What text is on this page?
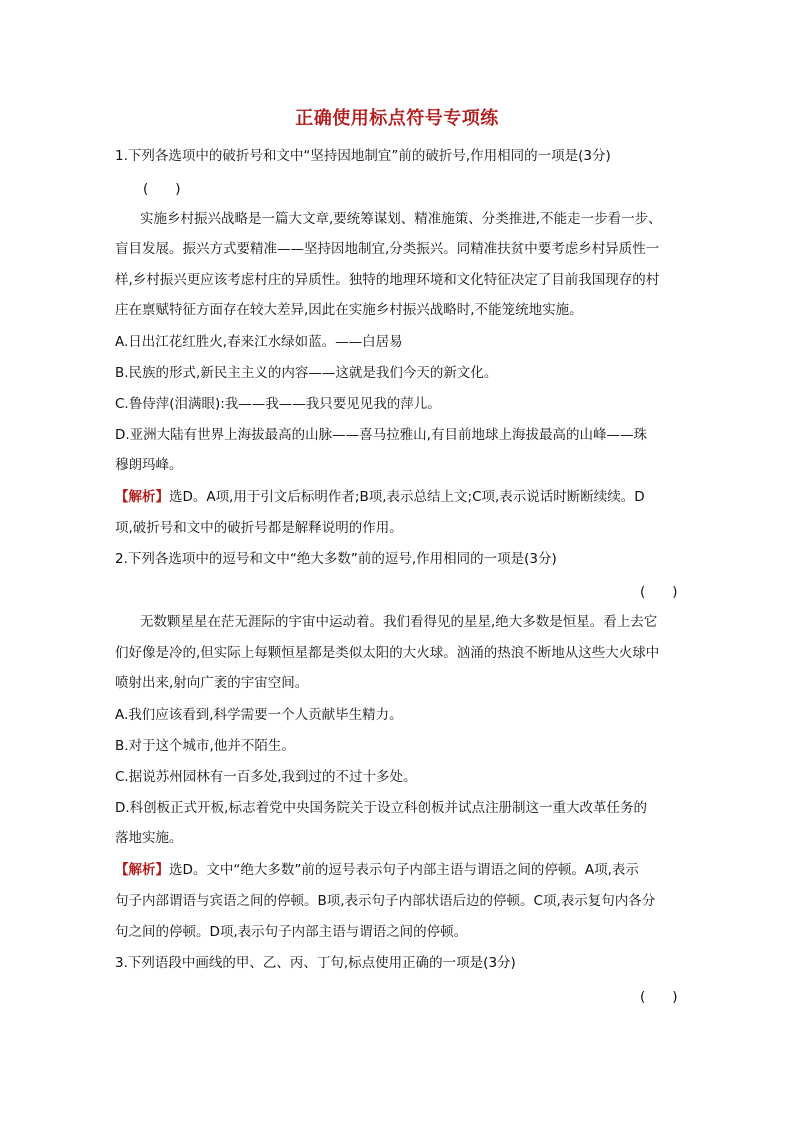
正确使用标点符号专项练
1.下列各选项中的破折号和文中“坚持因地制宜”前的破折号,作用相同的一项是(3分)
(　　)
实施乡村振兴战略是一篇大文章,要统筹谋划、精准施策、分类推进,不能走一步看一步、
盲目发展。振兴方式要精准——坚持因地制宜,分类振兴。同精准扶贫中要考虑乡村异质性一
样,乡村振兴更应该考虑村庄的异质性。独特的地理环境和文化特征决定了目前我国现存的村
庄在禀赋特征方面存在较大差异,因此在实施乡村振兴战略时,不能笼统地实施。
A.日出江花红胜火,春来江水绿如蓝。——白居易
B.民族的形式,新民主主义的内容——这就是我们今天的新文化。
C.鲁侍萍(泪满眼):我——我——我只要见见我的萍儿。
D.亚洲大陆有世界上海拔最高的山脉——喜马拉雅山,有目前地球上海拔最高的山峰——珠
穆朗玛峰。
【解析】选D。A项,用于引文后标明作者;B项,表示总结上文;C项,表示说话时断断续续。D
项,破折号和文中的破折号都是解释说明的作用。
2.下列各选项中的逗号和文中“绝大多数”前的逗号,作用相同的一项是(3分)
(　　)
无数颗星星在茫无涯际的宇宙中运动着。我们看得见的星星,绝大多数是恒星。看上去它
们好像是冷的,但实际上每颗恒星都是类似太阳的大火球。汹涌的热浪不断地从这些大火球中
喷射出来,射向广袤的宇宙空间。
A.我们应该看到,科学需要一个人贡献毕生精力。
B.对于这个城市,他并不陌生。
C.据说苏州园林有一百多处,我到过的不过十多处。
D.科创板正式开板,标志着党中央国务院关于设立科创板并试点注册制这一重大改革任务的
落地实施。
【解析】选D。文中“绝大多数”前的逗号表示句子内部主语与谓语之间的停顿。A项,表示
句子内部谓语与宾语之间的停顿。B项,表示句子内部状语后边的停顿。C项,表示复句内各分
句之间的停顿。D项,表示句子内部主语与谓语之间的停顿。
3.下列语段中画线的甲、乙、丙、丁句,标点使用正确的一项是(3分)
(　　)
